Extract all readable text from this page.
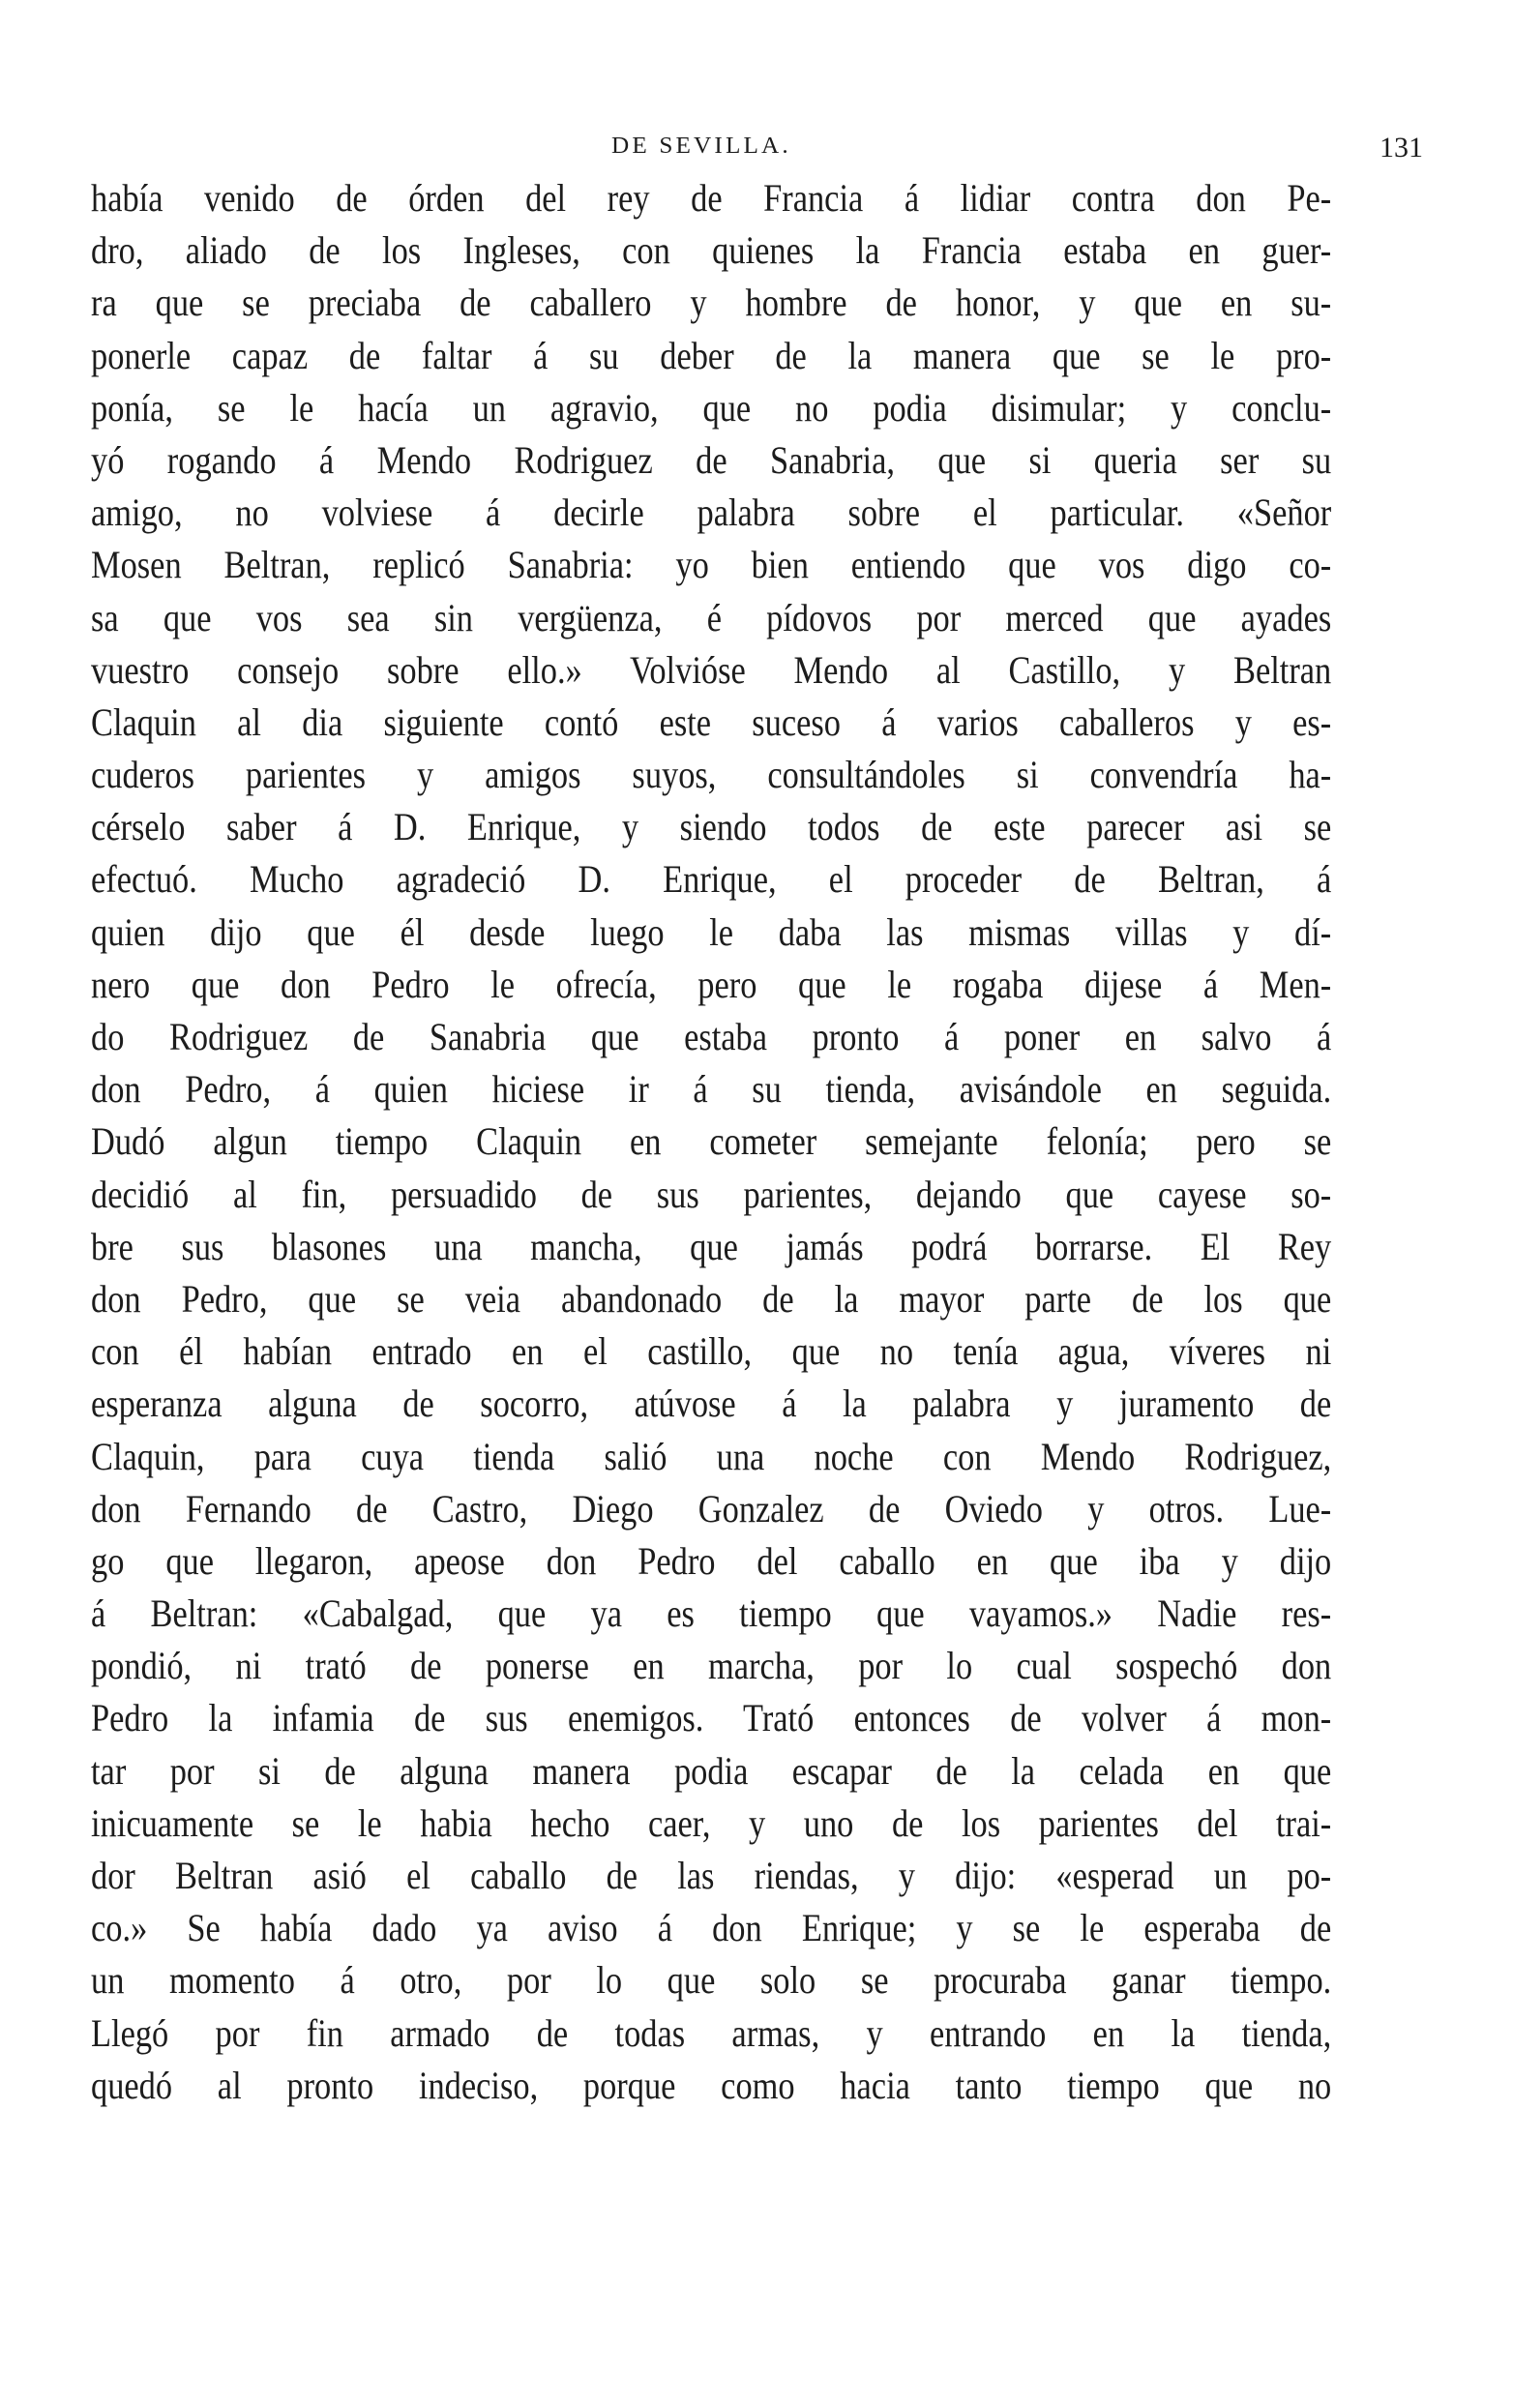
DE SEVILLA.	131
había venido de órden del rey de Francia á lidiar contra don Pe-
dro, aliado de los Ingleses, con quienes la Francia estaba en guer-
ra que se preciaba de caballero y hombre de honor, y que en su-
ponerle capaz de faltar á su deber de la manera que se le pro-
ponía, se le hacía un agravio, que no podia disimular; y conclu-
yó rogando á Mendo Rodriguez de Sanabria, que si queria ser su
amigo, no volviese á decirle palabra sobre el particular. «Señor
Mosen Beltran, replicó Sanabria: yo bien entiendo que vos digo co-
sa que vos sea sin vergüenza, é pídovos por merced que ayades
vuestro consejo sobre ello.» Volvióse Mendo al Castillo, y Beltran
Claquin al dia siguiente contó este suceso á varios caballeros y es-
cuderos parientes y amigos suyos, consultándoles si convendría ha-
cérselo saber á D. Enrique, y siendo todos de este parecer asi se
efectuó. Mucho agradeció D. Enrique, el proceder de Beltran, á
quien dijo que él desde luego le daba las mismas villas y dí-
nero que don Pedro le ofrecía, pero que le rogaba dijese á Men-
do Rodriguez de Sanabria que estaba pronto á poner en salvo á
don Pedro, á quien hiciese ir á su tienda, avisándole en seguida.
Dudó algun tiempo Claquin en cometer semejante felonía; pero se
decidió al fin, persuadido de sus parientes, dejando que cayese so-
bre sus blasones una mancha, que jamás podrá borrarse. El Rey
don Pedro, que se veia abandonado de la mayor parte de los que
con él habían entrado en el castillo, que no tenía agua, víveres ni
esperanza alguna de socorro, atúvose á la palabra y juramento de
Claquin, para cuya tienda salió una noche con Mendo Rodriguez,
don Fernando de Castro, Diego Gonzalez de Oviedo y otros. Lue-
go que llegaron, apeose don Pedro del caballo en que iba y dijo
á Beltran: «Cabalgad, que ya es tiempo que vayamos.» Nadie res-
pondió, ni trató de ponerse en marcha, por lo cual sospechó don
Pedro la infamia de sus enemigos. Trató entonces de volver á mon-
tar por si de alguna manera podia escapar de la celada en que
inicuamente se le habia hecho caer, y uno de los parientes del trai-
dor Beltran asió el caballo de las riendas, y dijo: «esperad un po-
co.» Se había dado ya aviso á don Enrique; y se le esperaba de
un momento á otro, por lo que solo se procuraba ganar tiempo.
Llegó por fin armado de todas armas, y entrando en la tienda,
quedó al pronto indeciso, porque como hacia tanto tiempo que no
